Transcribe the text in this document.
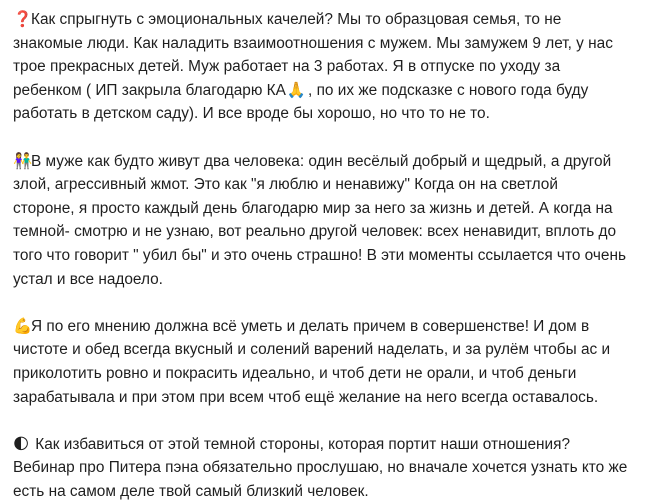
❓Как спрыгнуть с эмоциональных качелей? Мы то образцовая семья, то не
знакомые люди. Как наладить взаимоотношения с мужем. Мы замужем 9 лет, у нас
трое прекрасных детей. Муж работает на 3 работах. Я в отпуске по уходу за
ребенком ( ИП закрыла благодарю КА🙏 , по их же подсказке с нового года буду
работать в детском саду). И все вроде бы хорошо, но что то не то.
👫В муже как будто живут два человека: один весёлый добрый и щедрый, а другой
злой, агрессивный жмот. Это как "я люблю и ненавижу" Когда он на светлой
стороне, я просто каждый день благодарю мир за него за жизнь и детей. А когда на
темной- смотрю и не узнаю, вот реально другой человек: всех ненавидит, вплоть до
того что говорит " убил бы" и это очень страшно! В эти моменты ссылается что очень
устал и все надоело.
💪Я по его мнению должна всё уметь и делать причем в совершенстве! И дом в
чистоте и обед всегда вкусный и солений варений наделать, и за рулём чтобы ас и
приколотить ровно и покрасить идеально, и чтоб дети не орали, и чтоб деньги
зарабатывала и при этом при всем чтоб ещё желание на него всегда оставалось.
🌓 Как избавиться от этой темной стороны, которая портит наши отношения?
Вебинар про Питера пэна обязательно прослушаю, но вначале хочется узнать кто же
есть на самом деле твой самый близкий человек.
